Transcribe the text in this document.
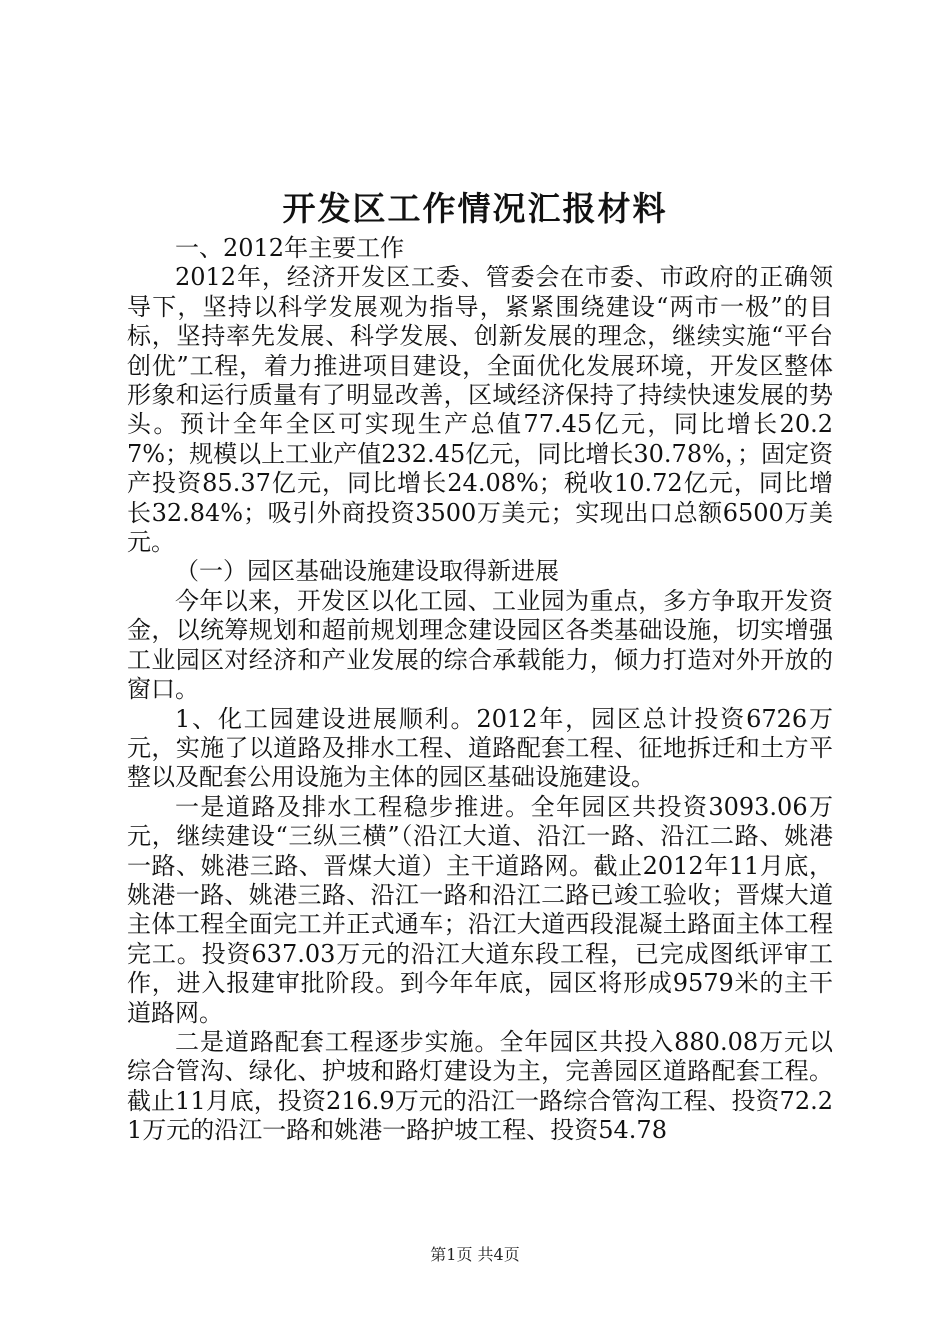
开发区工作情况汇报材料

一、2012年主要工作

2012年，经济开发区工委、管委会在市委、市政府的正确领导下，坚持以科学发展观为指导，紧紧围绕建设“两市一极”的目标，坚持率先发展、科学发展、创新发展的理念，继续实施“平台创优”工程，着力推进项目建设，全面优化发展环境，开发区整体形象和运行质量有了明显改善，区域经济保持了持续快速发展的势头。预计全年全区可实现生产总值77.45亿元，同比增长20.27%；规模以上工业产值232.45亿元，同比增长30.78%，；固定资产投资85.37亿元，同比增长24.08%；税收10.72亿元，同比增长32.84%；吸引外商投资3500万美元；实现出口总额6500万美元。

（一）园区基础设施建设取得新进展

今年以来，开发区以化工园、工业园为重点，多方争取开发资金，以统筹规划和超前规划理念建设园区各类基础设施，切实增强工业园区对经济和产业发展的综合承载能力，倾力打造对外开放的窗口。

1、化工园建设进展顺利。2012年，园区总计投资6726万元，实施了以道路及排水工程、道路配套工程、征地拆迁和土方平整以及配套公用设施为主体的园区基础设施建设。

一是道路及排水工程稳步推进。全年园区共投资3093.06万元，继续建设“三纵三横”（沿江大道、沿江一路、沿江二路、姚港一路、姚港三路、晋煤大道）主干道路网。截止2012年11月底，姚港一路、姚港三路、沿江一路和沿江二路已竣工验收；晋煤大道主体工程全面完工并正式通车；沿江大道西段混凝土路面主体工程完工。投资637.03万元的沿江大道东段工程，已完成图纸评审工作，进入报建审批阶段。到今年年底，园区将形成9579米的主干道路网。

二是道路配套工程逐步实施。全年园区共投入880.08万元以综合管沟、绿化、护坡和路灯建设为主，完善园区道路配套工程。截止11月底，投资216.9万元的沿江一路综合管沟工程、投资72.21万元的沿江一路和姚港一路护坡工程、投资54.78

第1页 共4页
